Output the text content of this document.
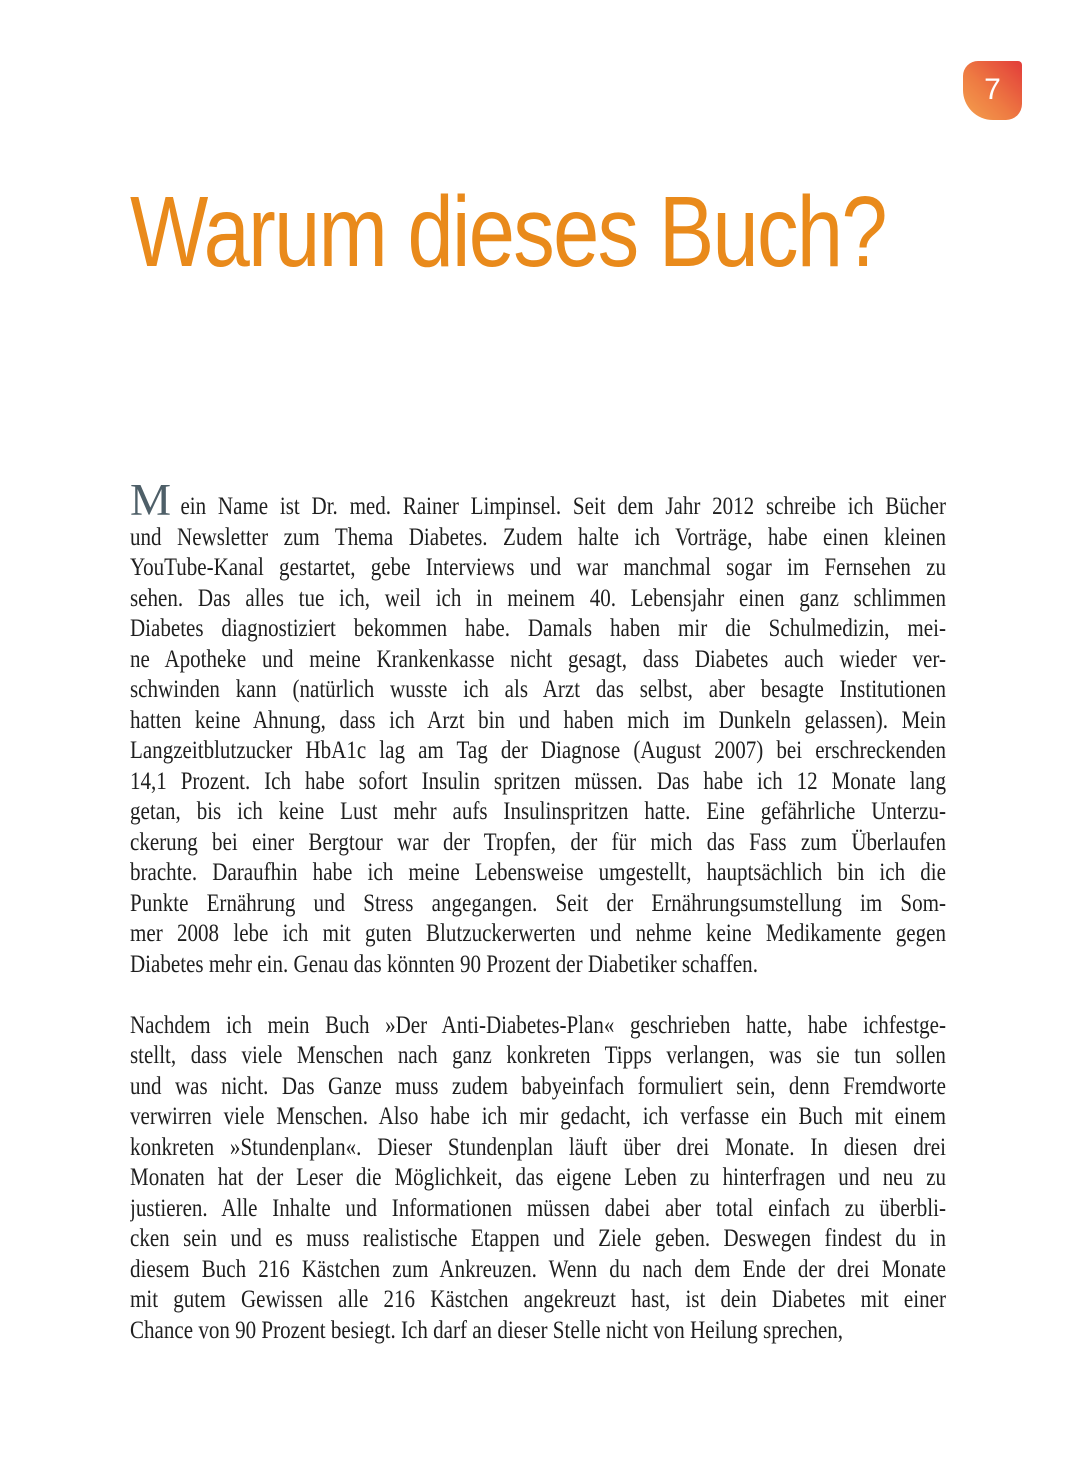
7
Warum dieses Buch?
M ein Name ist Dr. med. Rainer Limpinsel. Seit dem Jahr 2012 schreibe ich Bücher
und Newsletter zum Thema Diabetes. Zudem halte ich Vorträge, habe einen kleinen
YouTube-Kanal gestartet, gebe Interviews und war manchmal sogar im Fernsehen zu
sehen. Das alles tue ich, weil ich in meinem 40. Lebensjahr einen ganz schlimmen
Diabetes diagnostiziert bekommen habe. Damals haben mir die Schulmedizin, mei-
ne Apotheke und meine Krankenkasse nicht gesagt, dass Diabetes auch wieder ver-
schwinden kann (natürlich wusste ich als Arzt das selbst, aber besagte Institutionen
hatten keine Ahnung, dass ich Arzt bin und haben mich im Dunkeln gelassen). Mein
Langzeitblutzucker HbA1c lag am Tag der Diagnose (August 2007) bei erschreckenden
14,1 Prozent. Ich habe sofort Insulin spritzen müssen. Das habe ich 12 Monate lang
getan, bis ich keine Lust mehr aufs Insulinspritzen hatte. Eine gefährliche Unterzu-
ckerung bei einer Bergtour war der Tropfen, der für mich das Fass zum Überlaufen
brachte. Daraufhin habe ich meine Lebensweise umgestellt, hauptsächlich bin ich die
Punkte Ernährung und Stress angegangen. Seit der Ernährungsumstellung im Som-
mer 2008 lebe ich mit guten Blutzuckerwerten und nehme keine Medikamente gegen
Diabetes mehr ein. Genau das könnten 90 Prozent der Diabetiker schaffen.
Nachdem ich mein Buch »Der Anti-Diabetes-Plan« geschrieben hatte, habe ichfestge-
stellt, dass viele Menschen nach ganz konkreten Tipps verlangen, was sie tun sollen
und was nicht. Das Ganze muss zudem babyeinfach formuliert sein, denn Fremdworte
verwirren viele Menschen. Also habe ich mir gedacht, ich verfasse ein Buch mit einem
konkreten »Stundenplan«. Dieser Stundenplan läuft über drei Monate. In diesen drei
Monaten hat der Leser die Möglichkeit, das eigene Leben zu hinterfragen und neu zu
justieren. Alle Inhalte und Informationen müssen dabei aber total einfach zu überbli-
cken sein und es muss realistische Etappen und Ziele geben. Deswegen findest du in
diesem Buch 216 Kästchen zum Ankreuzen. Wenn du nach dem Ende der drei Monate
mit gutem Gewissen alle 216 Kästchen angekreuzt hast, ist dein Diabetes mit einer
Chance von 90 Prozent besiegt. Ich darf an dieser Stelle nicht von Heilung sprechen,
